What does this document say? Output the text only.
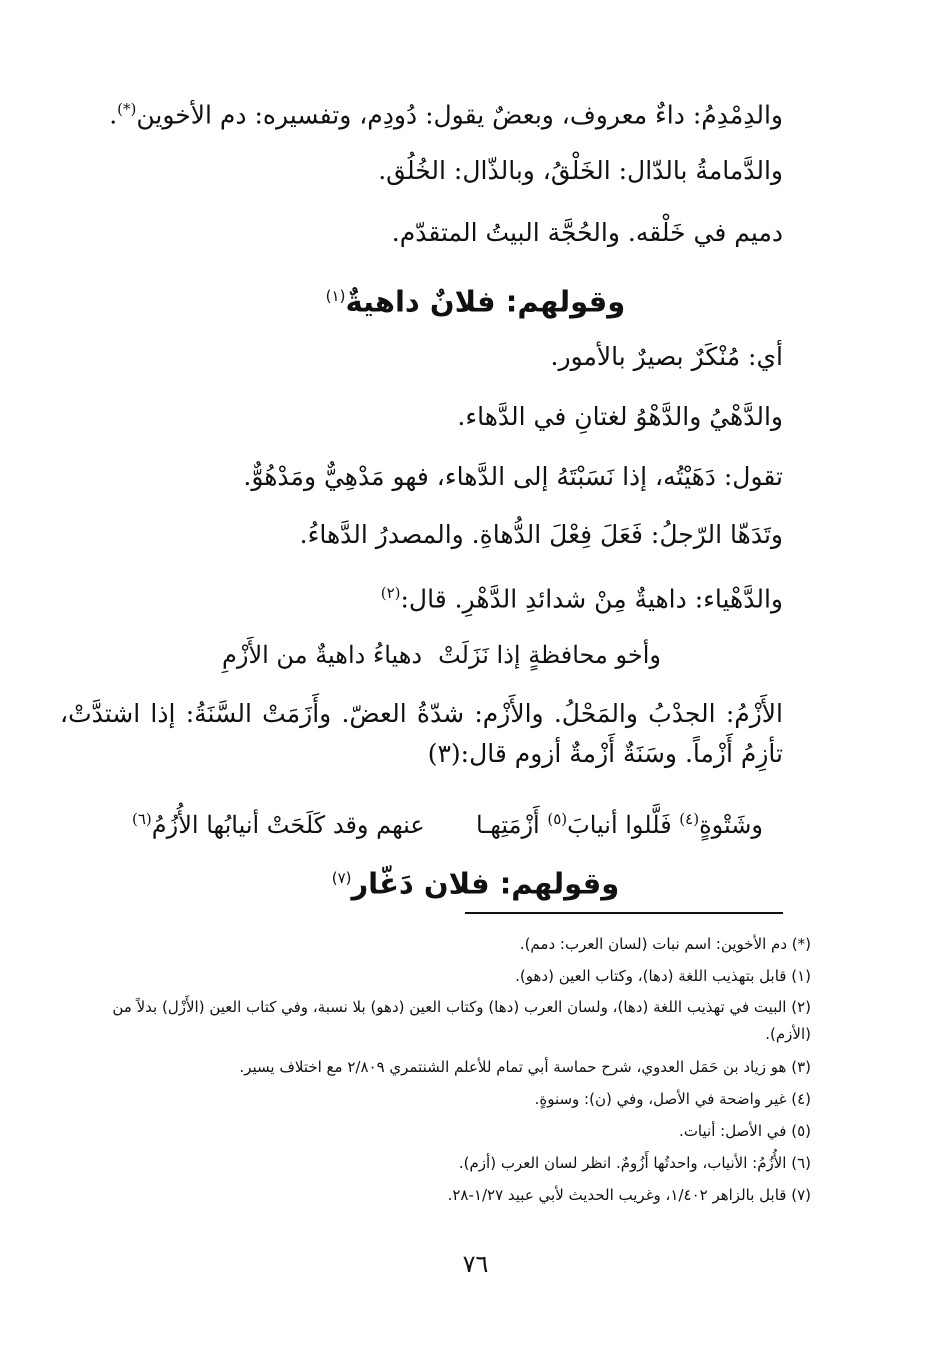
والدِمْدِمُ: داءٌ معروف، وبعضٌ يقول: دُودِم، وتفسيره: دم الأخوين(*).
والدَّمامةُ بالدّال: الخَلْقُ، وبالذّال: الخُلُق.
دميم في خَلْقه. والحُجَّة البيتُ المتقدّم.
وقولهم: فلانٌ داهيةٌ$^{(١)}$
أي: مُنْكَرٌ بصيرٌ بالأمور.
والدَّهْيُ والدَّهْوُ لغتانِ في الدَّهاء.
تقول: دَهَيْتُه، إذا نَسَبْتَهُ إلى الدَّهاء، فهو مَدْهِيٌّ ومَدْهُوٌّ.
وتَدَهّا الرّجلُ: فَعَلَ فِعْلَ الدُّهاةِ. والمصدرُ الدَّهاءُ.
والدَّهْياء: داهيةٌ مِنْ شدائدِ الدَّهْرِ. قال:$^{(٢)}$
وأخو محافظةٍ إذا نَزَلَتْ
دهياءُ داهيةٌ من الأَزْمِ
الأَزْمُ: الجدْبُ والمَحْلُ. والأَزْم: شدّةُ العضّ. وأَزَمَتْ السَّنَةُ: إذا اشتدَّتْ، تأزِمُ أَزْماً. وسَنَةٌ أَزْمةٌ أزوم قال:(٣)
وشَتْوةٍ$^{(٤)}$ فَلَّلوا أنيابَ$^{(٥)}$ أَزْمَتِهـا
عنهم وقد كَلَحَتْ أنيابُها الأُزُمُ$^{(٦)}$
وقولهم: فلان دَغّار$^{(٧)}$
(*) دم الأخوين: اسم نبات (لسان العرب: دمم).
(١) قابل بتهذيب اللغة (دها)، وكتاب العين (دهو).
(٢) البيت في تهذيب اللغة (دها)، ولسان العرب (دها) وكتاب العين (دهو) بلا نسبة، وفي كتاب العين (الأَزْل) بدلاً من (الأزم).
(٣) هو زياد بن حَمَل العدوي، شرح حماسة أبي تمام للأعلم الشنتمري ٢/٨٠٩ مع اختلاف يسير.
(٤) غير واضحة في الأصل، وفي (ن): وسنوةٍ.
(٥) في الأصل: أنيات.
(٦) الأُزُمُ: الأنياب، واحدتُها أَزُومٌ. انظر لسان العرب (أزم).
(٧) قابل بالزاهر ١/٤٠٢، وغريب الحديث لأبي عبيد ١/٢٧-٢٨.
٧٦
